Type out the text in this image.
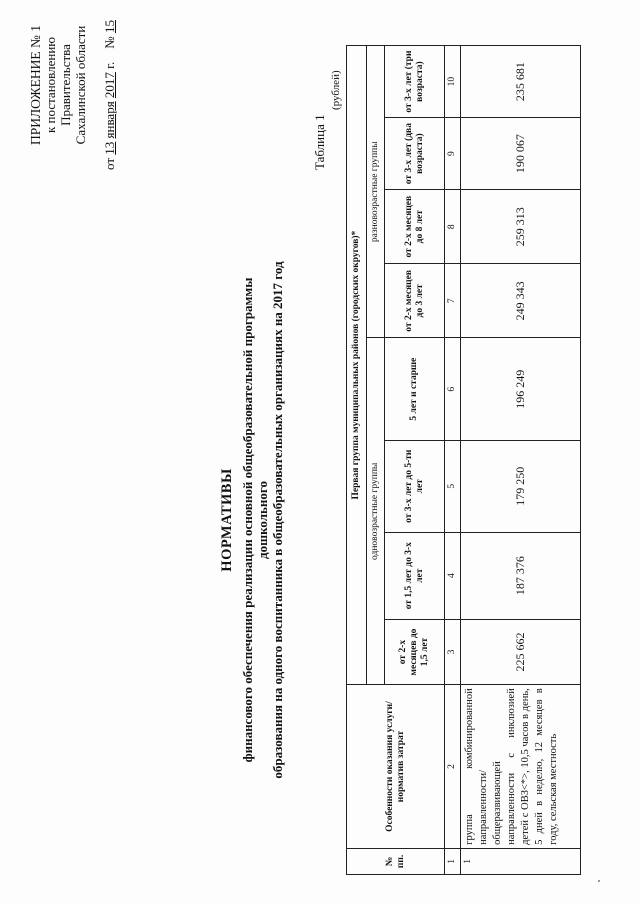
ПРИЛОЖЕНИЕ № 1 к постановлению Правительства Сахалинской области
от 13 января 2017 г.    № 15
НОРМАТИВЫ финансового обеспечения реализации основной общеобразовательной программы дошкольного образования на одного воспитанника в общеобразовательных организациях на 2017 год
Таблица 1
(рублей)
№ пп.	Особенности оказания услуги/норматив затрат	Первая группа муниципальных районов (городских округов)*							
		одновозрастные группы				разновозрастные группы			
		от 2-х месяцев до 1,5 лет	от 1,5 лет до 3-х лет	от 3-х лет до 5-ти лет	5 лет и старше	от 2-х месяцев до 3 лет	от 2-х месяцев до 8 лет	от 3-х лет (два возраста)	от 3-х лет (три возраста)
1	2	3	4	5	6	7	8	9	10
1	группа комбинированной направленности/ общеразвивающей направленности с инклюзией детей с ОВЗ<*>, 10,5 часов в день, 5 дней в неделю, 12 месяцев в году, сельская местность	225 662	187 376	179 250	196 249	249 343	259 313	190 067	235 681
